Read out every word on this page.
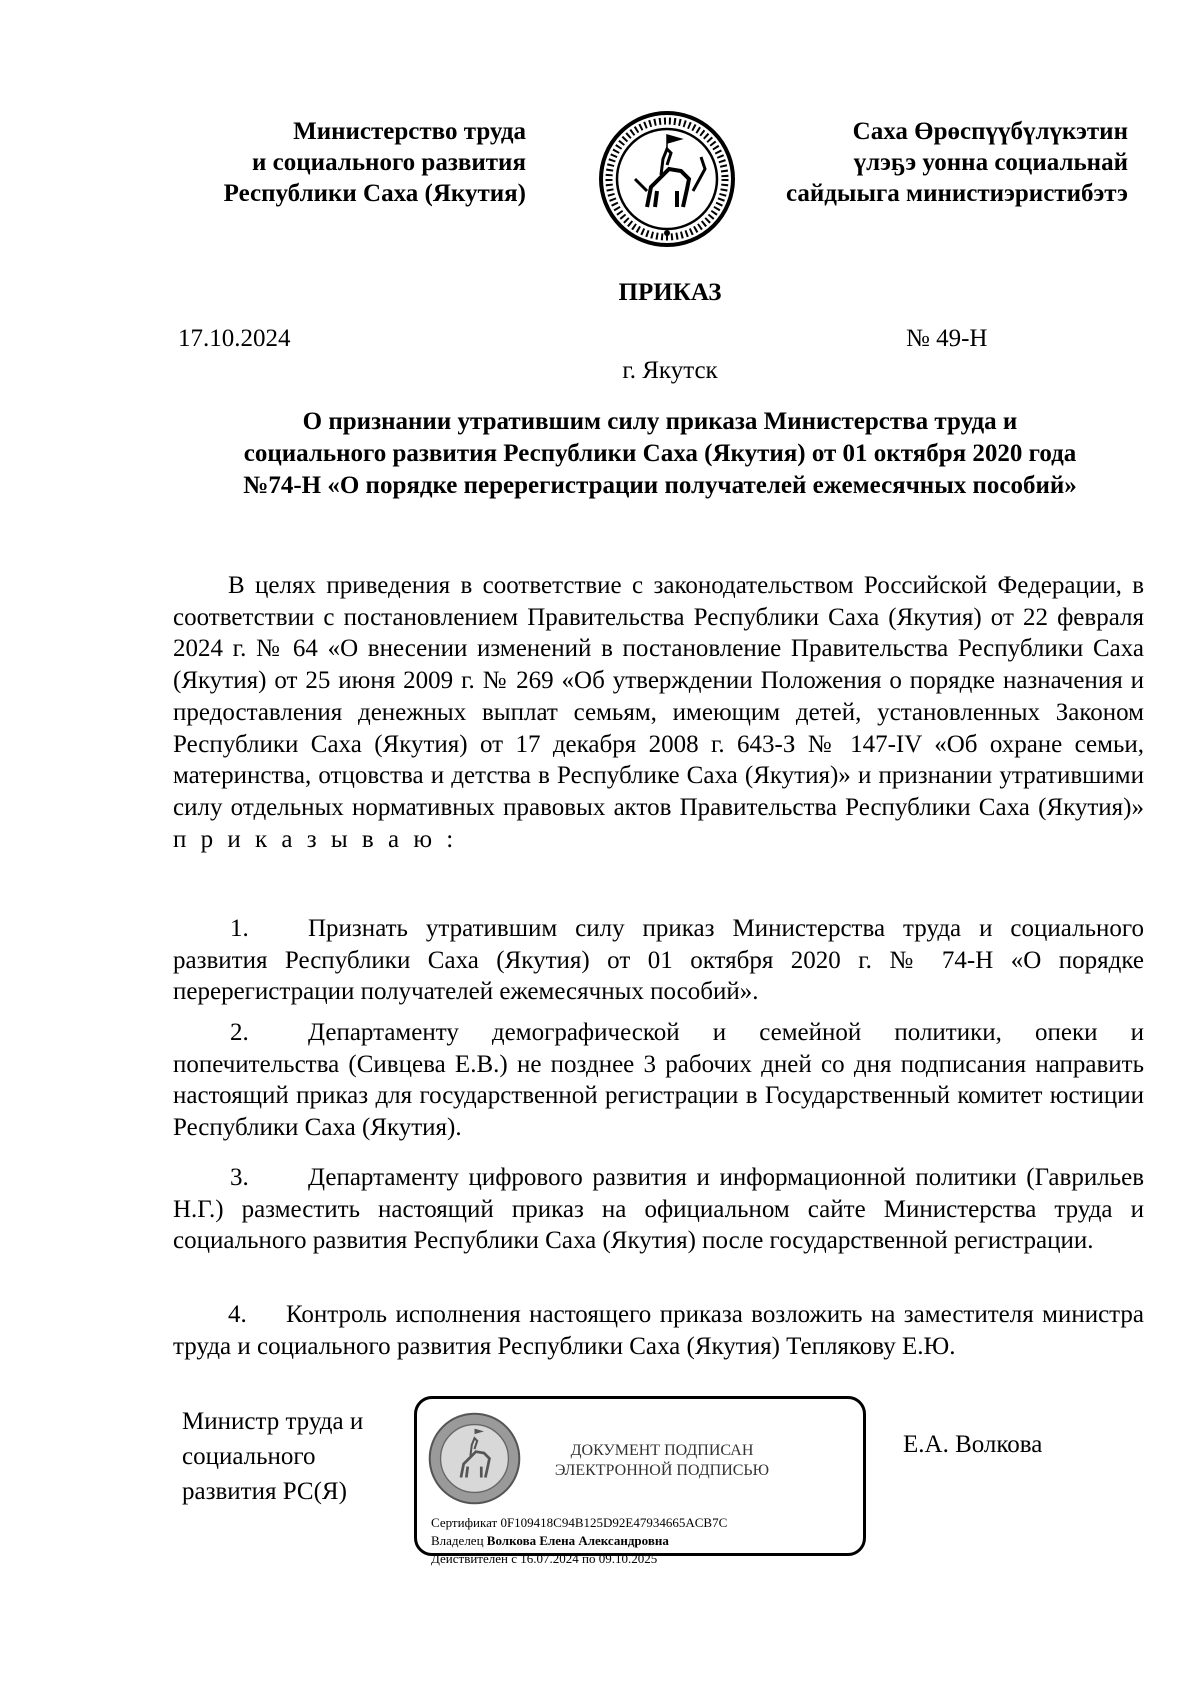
Министерство труда
и социального развития
Республики Саха (Якутия)
Саха Өрөспүүбүлүкэтин
үлэҕэ уонна социальнай
сайдыыга министиэристибэтэ
ПРИКАЗ
17.10.2024	№ 49-Н
г. Якутск
О признании утратившим силу приказа Министерства труда и социального развития Республики Саха (Якутия) от 01 октября 2020 года №74-Н «О порядке перерегистрации получателей ежемесячных пособий»
В целях приведения в соответствие с законодательством Российской Федерации, в соответствии с постановлением Правительства Республики Саха (Якутия) от 22 февраля 2024 г. № 64 «О внесении изменений в постановление Правительства Республики Саха (Якутия) от 25 июня 2009 г. № 269 «Об утверждении Положения о порядке назначения и предоставления денежных выплат семьям, имеющим детей, установленных Законом Республики Саха (Якутия) от 17 декабря 2008 г. 643-З № 147-IV «Об охране семьи, материнства, отцовства и детства в Республике Саха (Якутия)» и признании утратившими силу отдельных нормативных правовых актов Правительства Республики Саха (Якутия)» п р и к а з ы в а ю :
1. Признать утратившим силу приказ Министерства труда и социального развития Республики Саха (Якутия) от 01 октября 2020 г. № 74-Н «О порядке перерегистрации получателей ежемесячных пособий».
2. Департаменту демографической и семейной политики, опеки и попечительства (Сивцева Е.В.) не позднее 3 рабочих дней со дня подписания направить настоящий приказ для государственной регистрации в Государственный комитет юстиции Республики Саха (Якутия).
3. Департаменту цифрового развития и информационной политики (Гаврильев Н.Г.) разместить настоящий приказ на официальном сайте Министерства труда и социального развития Республики Саха (Якутия) после государственной регистрации.
4. Контроль исполнения настоящего приказа возложить на заместителя министра труда и социального развития Республики Саха (Якутия) Теплякову Е.Ю.
Министр труда и
социального
развития РС(Я)
ДОКУМЕНТ ПОДПИСАН
ЭЛЕКТРОННОЙ ПОДПИСЬЮ
Сертификат 0F109418C94B125D92E47934665ACB7C
Владелец Волкова Елена Александровна
Действителен с 16.07.2024 по 09.10.2025
Е.А. Волкова
